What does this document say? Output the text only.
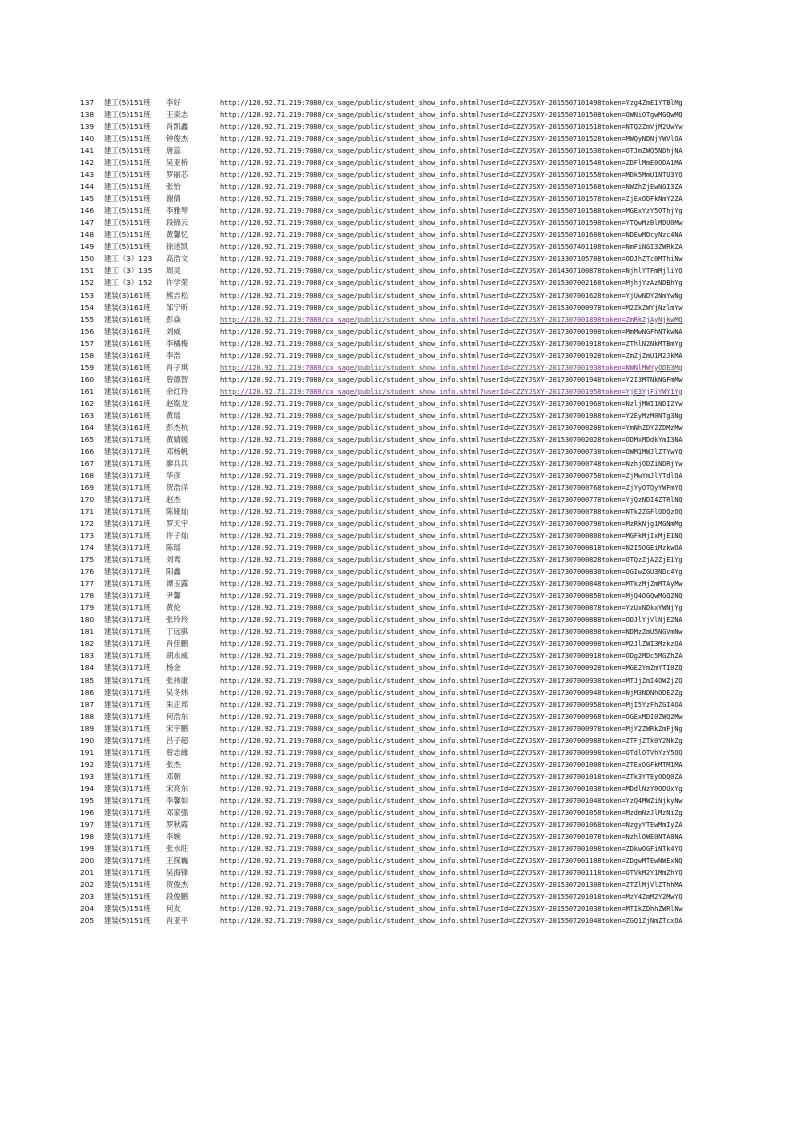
137	建工(5)151班	李好	http://120.92.71.219:7080/cx_sage/public/student_show_info.shtml?userId=CZZYJSXY-2015507101498token=Yzg4ZmE1YTBlMg
138	建工(5)151班	王束志	http://120.92.71.219:7080/cx_sage/public/student_show_info.shtml?userId=CZZYJSXY-2015507101508token=OWNiOTgwMGQwMQ
139	建工(5)151班	肖凯鑫	http://120.92.71.219:7080/cx_sage/public/student_show_info.shtml?userId=CZZYJSXY-2015507101518token=NTQ2ZmVjM2UwYw
140	建工(5)151班	钟俊杰	http://120.92.71.219:7080/cx_sage/public/student_show_info.shtml?userId=CZZYJSXY-2015507101528token=MWQyNDNjYWVlOA
141	建工(5)151班	唐蕊	http://120.92.71.219:7080/cx_sage/public/student_show_info.shtml?userId=CZZYJSXY-2015507101538token=OTJmZWQ5NDhjNA
142	建工(5)151班	吴亚桥	http://120.92.71.219:7080/cx_sage/public/student_show_info.shtml?userId=CZZYJSXY-2015507101548token=ZDFlMmE0ODA1MA
143	建工(5)151班	罗丽芯	http://120.92.71.219:7080/cx_sage/public/student_show_info.shtml?userId=CZZYJSXY-2015507101558token=MDk5MmU1NTU3YQ
144	建工(5)151班	张怡	http://120.92.71.219:7080/cx_sage/public/student_show_info.shtml?userId=CZZYJSXY-2015507101568token=NWZhZjEwNGI3ZA
145	建工(5)151班	谢倩	http://120.92.71.219:7080/cx_sage/public/student_show_info.shtml?userId=CZZYJSXY-2015507101578token=ZjExODFkNmY2ZA
146	建工(5)151班	李雅琴	http://120.92.71.219:7080/cx_sage/public/student_show_info.shtml?userId=CZZYJSXY-2015507101588token=MGExYzY5OThjYg
147	建工(5)151班	段锦云	http://120.92.71.219:7080/cx_sage/public/student_show_info.shtml?userId=CZZYJSXY-2015507101598token=YTQwMzBlMDU0Mw
148	建工(5)151班	黄馨忆	http://120.92.71.219:7080/cx_sage/public/student_show_info.shtml?userId=CZZYJSXY-2015507101608token=NDEwMDcyNzc4NA
149	建工(5)151班	徐述凯	http://120.92.71.219:7080/cx_sage/public/student_show_info.shtml?userId=CZZYJSXY-2015507401108token=NmFiNGI3ZWRkZA
150	建工（3）123	高浩文	http://120.92.71.219:7080/cx_sage/public/student_show_info.shtml?userId=CZZYJSXY-2013307105708token=ODJhZTc0MThiNw
151	建工（3）135	周灵	http://120.92.71.219:7080/cx_sage/public/student_show_info.shtml?userId=CZZYJSXY-2014307100878token=NjhlYTFmMjliYQ
152	建工（3）152	许学荣	http://120.92.71.219:7080/cx_sage/public/student_show_info.shtml?userId=CZZYJSXY-2015307002168token=MjhjYzAzNDBhYg
153	建装(3)161班	熊吉松	http://120.92.71.219:7080/cx_sage/public/student_show_info.shtml?userId=CZZYJSXY-2017307001628token=YjUwNDY2NmYwNg
154	建装(3)161班	邹宁昕	http://120.92.71.219:7080/cx_sage/public/student_show_info.shtml?userId=CZZYJSXY-2015307000978token=M2ZkZWYjNzlmYw
155	建装(3)161班	彭焱	http://120.92.71.219:7080/cx_sage/public/student_show_info.shtml?userId=CZZYJSXY-2017307001898token=ZmRkZjAyNjkwMQ
156	建装(3)161班	刘威	http://120.92.71.219:7080/cx_sage/public/student_show_info.shtml?userId=CZZYJSXY-2017307001908token=MmMwNGFhNTkwNA
157	建装(3)161班	李橘梅	http://120.92.71.219:7080/cx_sage/public/student_show_info.shtml?userId=CZZYJSXY-2017307001918token=ZThlN2NkMTBmYg
158	建装(3)161班	李浩	http://120.92.71.219:7080/cx_sage/public/student_show_info.shtml?userId=CZZYJSXY-2017307001928token=ZmZjZmU1M2JkMA
159	建装(3)161班	肖子琪	http://120.92.71.219:7080/cx_sage/public/student_show_info.shtml?userId=CZZYJSXY-2017307001938token=NWNlMWYyODE3Mg
160	建装(3)161班	曾德智	http://120.92.71.219:7080/cx_sage/public/student_show_info.shtml?userId=CZZYJSXY-2017307001948token=Y2I3MTNkNGFmMw
161	建装(3)161班	余红玲	http://120.92.71.219:7080/cx_sage/public/student_show_info.shtml?userId=CZZYJSXY-2017307001958token=YjE3YjFiYWY1Yg
162	建装(3)161班	赵胤龙	http://120.92.71.219:7080/cx_sage/public/student_show_info.shtml?userId=CZZYJSXY-2017307001968token=NzljMWI1NDI2Yw
163	建装(3)161班	黄瑶	http://120.92.71.219:7080/cx_sage/public/student_show_info.shtml?userId=CZZYJSXY-2017307001988token=Y2EyMzM0NTg3Ng
164	建装(3)161班	彭杰杭	http://120.92.71.219:7080/cx_sage/public/student_show_info.shtml?userId=CZZYJSXY-2017307000208token=YmNhZDY2ZDMzMw
165	建装(3)171班	黄婧媛	http://120.92.71.219:7080/cx_sage/public/student_show_info.shtml?userId=CZZYJSXY-2015307002028token=ODMxMDdkYmI3NA
166	建装(3)171班	邓杨帆	http://120.92.71.219:7080/cx_sage/public/student_show_info.shtml?userId=CZZYJSXY-2017307000738token=OWM1MWJlZTYwYQ
167	建装(3)171班	廖兵兵	http://120.92.71.219:7080/cx_sage/public/student_show_info.shtml?userId=CZZYJSXY-2017307000748token=NzhjODZiNDRjYw
168	建装(3)171班	华彦	http://120.92.71.219:7080/cx_sage/public/student_show_info.shtml?userId=CZZYJSXY-2017307000758token=ZjMwYmJlYTdlOA
169	建装(3)171班	贺浩洋	http://120.92.71.219:7080/cx_sage/public/student_show_info.shtml?userId=CZZYJSXY-2017307000768token=ZjYyOTQyYWFmYQ
170	建装(3)171班	赵杰	http://120.92.71.219:7080/cx_sage/public/student_show_info.shtml?userId=CZZYJSXY-2017307000778token=YjQzNDI4ZTRlNQ
171	建装(3)171班	陈娅灿	http://120.92.71.219:7080/cx_sage/public/student_show_info.shtml?userId=CZZYJSXY-2017307000788token=NTk2ZGFlODQzOQ
172	建装(3)171班	罗天宇	http://120.92.71.219:7080/cx_sage/public/student_show_info.shtml?userId=CZZYJSXY-2017307000798token=MzRkNjg1MGNmMg
173	建装(3)171班	许子灿	http://120.92.71.219:7080/cx_sage/public/student_show_info.shtml?userId=CZZYJSXY-2017307000808token=MGFkMjIxMjE1NQ
174	建装(3)171班	陈瑶	http://120.92.71.219:7080/cx_sage/public/student_show_info.shtml?userId=CZZYJSXY-2017307000818token=N2I5OGEiMzkwOA
175	建装(3)171班	刘鸾	http://120.92.71.219:7080/cx_sage/public/student_show_info.shtml?userId=CZZYJSXY-2017307000828token=OTQzZjA2ZjE1Yg
176	建装(3)171班	阳鑫	http://120.92.71.219:7080/cx_sage/public/student_show_info.shtml?userId=CZZYJSXY-2017307000838token=OGIwZGU3NDc4Yg
177	建装(3)171班	谭玉露	http://120.92.71.219:7080/cx_sage/public/student_show_info.shtml?userId=CZZYJSXY-2017307000848token=MTkzMjZmMTAyMw
178	建装(3)171班	尹馨	http://120.92.71.219:7080/cx_sage/public/student_show_info.shtml?userId=CZZYJSXY-2017307000858token=MjQ4OGQwMGQ2NQ
179	建装(3)171班	黄伦	http://120.92.71.219:7080/cx_sage/public/student_show_info.shtml?userId=CZZYJSXY-2017307000878token=YzUxNDkxYWNjYg
180	建装(3)171班	张玲玲	http://120.92.71.219:7080/cx_sage/public/student_show_info.shtml?userId=CZZYJSXY-2017307000888token=ODJlYjVlNjE2NA
181	建装(3)171班	丁远骐	http://120.92.71.219:7080/cx_sage/public/student_show_info.shtml?userId=CZZYJSXY-2017307000898token=NDMzZmU5NGVmNw
182	建装(3)171班	肖佳鹏	http://120.92.71.219:7080/cx_sage/public/student_show_info.shtml?userId=CZZYJSXY-2017307000908token=M2JlZWI3MzkzOA
183	建装(3)171班	胡永威	http://120.92.71.219:7080/cx_sage/public/student_show_info.shtml?userId=CZZYJSXY-2017307000918token=ODg2MDc5MGZhZA
184	建装(3)171班	杨金	http://120.92.71.219:7080/cx_sage/public/student_show_info.shtml?userId=CZZYJSXY-2017307000928token=MGE2YmZmYTI0ZQ
185	建装(3)171班	张祎康	http://120.92.71.219:7080/cx_sage/public/student_show_info.shtml?userId=CZZYJSXY-2017307000938token=MTJjZmI4OWZjZQ
186	建装(3)171班	吴冬炜	http://120.92.71.219:7080/cx_sage/public/student_show_info.shtml?userId=CZZYJSXY-2017307000948token=NjM3NDNhODE2Zg
187	建装(3)171班	朱正邦	http://120.92.71.219:7080/cx_sage/public/student_show_info.shtml?userId=CZZYJSXY-2017307000958token=MjI5YzFhZGI4OA
188	建装(3)171班	何浩东	http://120.92.71.219:7080/cx_sage/public/student_show_info.shtml?userId=CZZYJSXY-2017307000968token=OGExMDI0ZWQ2Mw
189	建装(3)171班	宋宇鹏	http://120.92.71.219:7080/cx_sage/public/student_show_info.shtml?userId=CZZYJSXY-2017307000978token=MjY2ZWRkZmFjNg
190	建装(3)171班	吕子超	http://120.92.71.219:7080/cx_sage/public/student_show_info.shtml?userId=CZZYJSXY-2017307000988token=ZTFjZTk0Y2NkZg
191	建装(3)171班	曾志緣	http://120.92.71.219:7080/cx_sage/public/student_show_info.shtml?userId=CZZYJSXY-2017307000998token=OTdlOTVhYzY5OQ
192	建装(3)171班	张杰	http://120.92.71.219:7080/cx_sage/public/student_show_info.shtml?userId=CZZYJSXY-2017307001008token=ZTExOGFkMTM1MA
193	建装(3)171班	邓朝	http://120.92.71.219:7080/cx_sage/public/student_show_info.shtml?userId=CZZYJSXY-2017307001018token=ZTk3YTEyODQ0ZA
194	建装(3)171班	宋亮东	http://120.92.71.219:7080/cx_sage/public/student_show_info.shtml?userId=CZZYJSXY-2017307001038token=MDdlNzY0ODUxYg
195	建装(3)171班	李馨如	http://120.92.71.219:7080/cx_sage/public/student_show_info.shtml?userId=CZZYJSXY-2017307001048token=YzQ4MWZiNjkyNw
196	建装(3)171班	邓家强	http://120.92.71.219:7080/cx_sage/public/student_show_info.shtml?userId=CZZYJSXY-2017307001058token=MzdmNzJlMzNiZg
197	建装(3)171班	罗秋霞	http://120.92.71.219:7080/cx_sage/public/student_show_info.shtml?userId=CZZYJSXY-2017307001068token=NzgyYTEwMmIyZA
198	建装(3)171班	李婉	http://120.92.71.219:7080/cx_sage/public/student_show_info.shtml?userId=CZZYJSXY-2017307001078token=NzhlOWE0NTA0NA
199	建装(3)171班	张水旺	http://120.92.71.219:7080/cx_sage/public/student_show_info.shtml?userId=CZZYJSXY-2017307001098token=ZDkwOGFiNTk4YQ
200	建装(3)171班	王探巍	http://120.92.71.219:7080/cx_sage/public/student_show_info.shtml?userId=CZZYJSXY-2017307001108token=ZDgwMTEwNWExNQ
201	建装(3)171班	吴海锋	http://120.92.71.219:7080/cx_sage/public/student_show_info.shtml?userId=CZZYJSXY-2017307001118token=OTVkM2Y1MmZhYQ
202	建装(5)151班	贺俊杰	http://120.92.71.219:7080/cx_sage/public/student_show_info.shtml?userId=CZZYJSXY-2015307201308token=ZTZlMjVlZThhMA
203	建装(5)151班	段俊鹏	http://120.92.71.219:7080/cx_sage/public/student_show_info.shtml?userId=CZZYJSXY-2015507201018token=MzY4ZmM2Y2MwYQ
204	建装(5)151班	何友	http://120.92.71.219:7080/cx_sage/public/student_show_info.shtml?userId=CZZYJSXY-2015507201038token=MTIkZDhhZWRlNw
205	建装(5)151班	肖亚平	http://120.92.71.219:7080/cx_sage/public/student_show_info.shtml?userId=CZZYJSXY-2015507201048token=ZGQ1ZjNmZTcxOA
